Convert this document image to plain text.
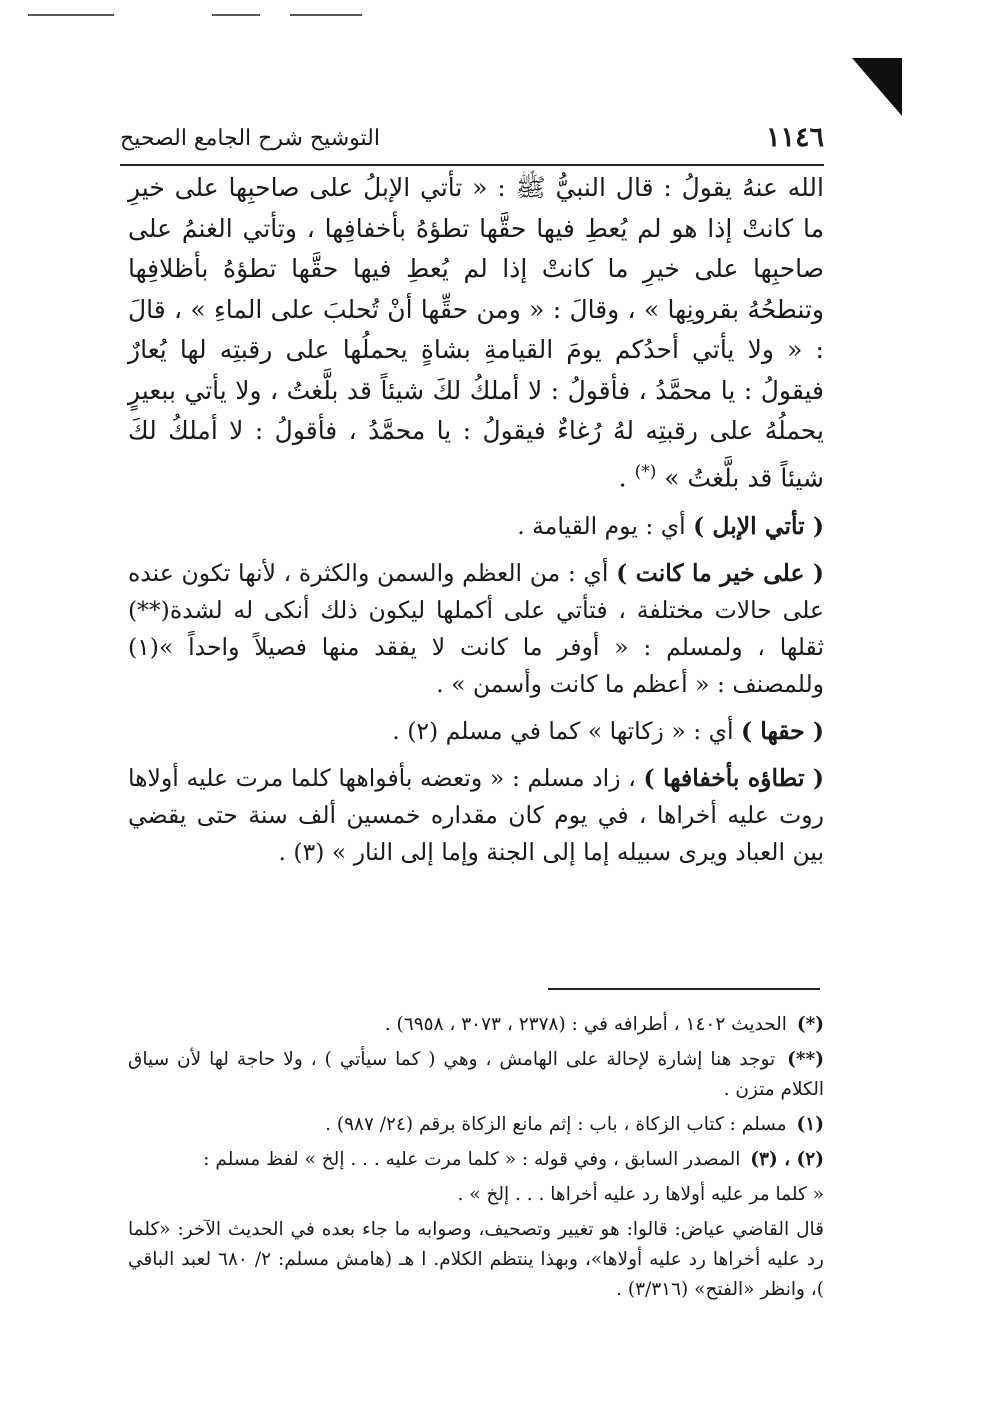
١١٤٦
التوشيح شرح الجامع الصحيح

الله عنهُ يقولُ : قال النبيُّ ﷺ : « تأتي الإبلُ على صاحبِها على خيرِ ما كانتْ إذا هو لم يُعطِ فيها حقَّها تطؤهُ بأخفافِها ، وتأتي الغنمُ على صاحبِها على خيرِ ما كانتْ إذا لم يُعطِ فيها حقَّها تطؤهُ بأظلافِها وتنطحُهُ بقرونِها » ، وقالَ : « ومن حقِّها أنْ تُحلبَ على الماءِ » ، قالَ : « ولا يأتي أحدُكم يومَ القيامةِ بشاةٍ يحملُها على رقبتِه لها يُعارٌ فيقولُ : يا محمَّدُ ، فأقولُ : لا أملكُ لكَ شيئاً قد بلَّغتُ ، ولا يأتي ببعيرٍ يحملُهُ على رقبتِه لهُ رُغاءٌ فيقولُ : يا محمَّدُ ، فأقولُ : لا أملكُ لكَ شيئاً قد بلَّغتُ » (*) .

( تأتي الإبل ) أي : يوم القيامة .

( على خير ما كانت ) أي : من العظم والسمن والكثرة ، لأنها تكون عنده على حالات مختلفة ، فتأتي على أكملها ليكون ذلك أنكى له لشدة(**) ثقلها ، ولمسلم : « أوفر ما كانت لا يفقد منها فصيلاً واحداً »(١) وللمصنف : « أعظم ما كانت وأسمن » .

( حقها ) أي : « زكاتها » كما في مسلم (٢) .

( تطاؤه بأخفافها ) ، زاد مسلم : « وتعضه بأفواهها كلما مرت عليه أولاها روت عليه أخراها ، في يوم كان مقداره خمسين ألف سنة حتى يقضي بين العباد ويرى سبيله إما إلى الجنة وإما إلى النار » (٣) .

(*) الحديث ١٤٠٢ ، أطرافه في : (٢٣٧٨ ، ٣٠٧٣ ، ٦٩٥٨) .

(**) توجد هنا إشارة لإحالة على الهامش ، وهي ( كما سيأتي ) ، ولا حاجة لها لأن سياق الكلام متزن .

(١) مسلم : كتاب الزكاة ، باب : إثم مانع الزكاة برقم (٢٤/ ٩٨٧) .

(٢) ، (٣) المصدر السابق ، وفي قوله : « كلما مرت عليه . . . إلخ » لفظ مسلم :

« كلما مر عليه أولاها رد عليه أخراها . . . إلخ » .

قال القاضي عياض: قالوا: هو تغيير وتصحيف، وصوابه ما جاء بعده في الحديث الآخر: «كلما رد عليه أخراها رد عليه أولاها»، وبهذا ينتظم الكلام. ا هـ (هامش مسلم: ٢/ ٦٨٠ لعبد الباقي )، وانظر «الفتح» (٣/٣١٦) .
